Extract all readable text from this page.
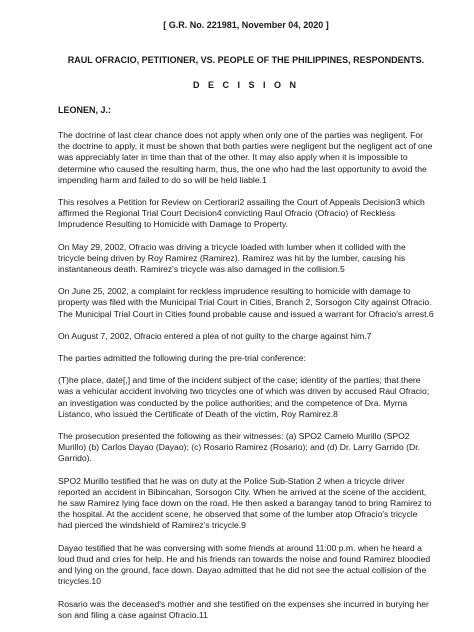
[ G.R. No. 221981, November 04, 2020 ]
RAUL OFRACIO, PETITIONER, VS. PEOPLE OF THE PHILIPPINES, RESPONDENTS.
D E C I S I O N
LEONEN, J.:

The doctrine of last clear chance does not apply when only one of the parties was negligent. For the doctrine to apply, it must be shown that both parties were negligent but the negligent act of one was appreciably later in time than that of the other. It may also apply when it is impossible to determine who caused the resulting harm, thus, the one who had the last opportunity to avoid the impending harm and failed to do so will be held liable.1

This resolves a Petition for Review on Certiorari2 assailing the Court of Appeals Decision3 which affirmed the Regional Trial Court Decision4 convicting Raul Ofracio (Ofracio) of Reckless Imprudence Resulting to Homicide with Damage to Property.

On May 29, 2002, Ofracio was driving a tricycle loaded with lumber when it collided with the tricycle being driven by Roy Ramirez (Ramirez). Ramirez was hit by the lumber, causing his instantaneous death. Ramirez's tricycle was also damaged in the collision.5

On June 25, 2002, a complaint for reckless imprudence resulting to homicide with damage to property was filed with the Municipal Trial Court in Cities, Branch 2, Sorsogon City against Ofracio. The Municipal Trial Court in Cities found probable cause and issued a warrant for Ofracio's arrest.6

On August 7, 2002, Ofracio entered a plea of not guilty to the charge against him.7

The parties admitted the following during the pre-trial conference:

(T)he place, date[,] and time of the incident subject of the case; identity of the parties; that there was a vehicular accident involving two tricycles one of which was driven by accused Raul Ofracio; an investigation was conducted by the police authorities; and the competence of Dra. Myrna Listanco, who issued the Certificate of Death of the victim, Roy Ramirez.8

The prosecution presented the following as their witnesses: (a) SPO2 Camelo Murillo (SPO2 Murillo) (b) Carlos Dayao (Dayao); (c) Rosario Ramirez (Rosario); and (d) Dr. Larry Garrido (Dr. Garrido).

SPO2 Murillo testified that he was on duty at the Police Sub-Station 2 when a tricycle driver reported an accident in Bibincahan, Sorsogon City. When he arrived at the scene of the accident, he saw Ramirez lying face down on the road. He then asked a barangay tanod to bring Ramirez to the hospital. At the accident scene, he observed that some of the lumber atop Ofracio's tricycle had pierced the windshield of Ramirez's tricycle.9

Dayao testified that he was conversing with some friends at around 11:00 p.m. when he heard a loud thud and cries for help. He and his friends ran towards the noise and found Ramirez bloodied and lying on the ground, face down. Dayao admitted that he did not see the actual collision of the tricycles.10

Rosario was the deceased's mother and she testified on the expenses she incurred in burying her son and filing a case against Ofracio.11
